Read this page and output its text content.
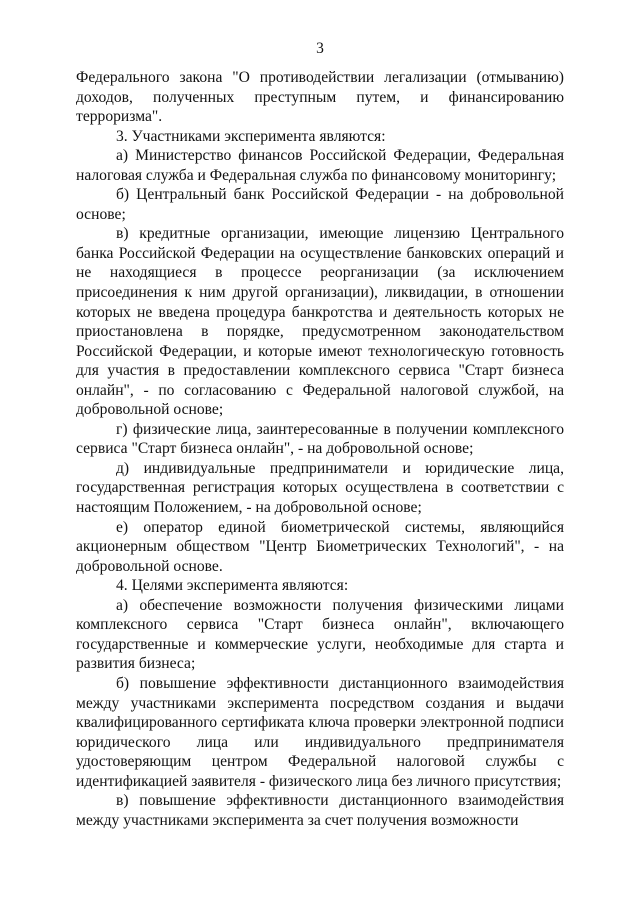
3

Федерального закона "О противодействии легализации (отмыванию) доходов, полученных преступным путем, и финансированию терроризма".

3. Участниками эксперимента являются:

а) Министерство финансов Российской Федерации, Федеральная налоговая служба и Федеральная служба по финансовому мониторингу;

б) Центральный банк Российской Федерации - на добровольной основе;

в) кредитные организации, имеющие лицензию Центрального банка Российской Федерации на осуществление банковских операций и не находящиеся в процессе реорганизации (за исключением присоединения к ним другой организации), ликвидации, в отношении которых не введена процедура банкротства и деятельность которых не приостановлена в порядке, предусмотренном законодательством Российской Федерации, и которые имеют технологическую готовность для участия в предоставлении комплексного сервиса "Старт бизнеса онлайн", - по согласованию с Федеральной налоговой службой, на добровольной основе;

г) физические лица, заинтересованные в получении комплексного сервиса "Старт бизнеса онлайн", - на добровольной основе;

д) индивидуальные предприниматели и юридические лица, государственная регистрация которых осуществлена в соответствии с настоящим Положением, - на добровольной основе;

е) оператор единой биометрической системы, являющийся акционерным обществом "Центр Биометрических Технологий", - на добровольной основе.

4. Целями эксперимента являются:

а) обеспечение возможности получения физическими лицами комплексного сервиса "Старт бизнеса онлайн", включающего государственные и коммерческие услуги, необходимые для старта и развития бизнеса;

б) повышение эффективности дистанционного взаимодействия между участниками эксперимента посредством создания и выдачи квалифицированного сертификата ключа проверки электронной подписи юридического лица или индивидуального предпринимателя удостоверяющим центром Федеральной налоговой службы с идентификацией заявителя - физического лица без личного присутствия;

в) повышение эффективности дистанционного взаимодействия между участниками эксперимента за счет получения возможности
